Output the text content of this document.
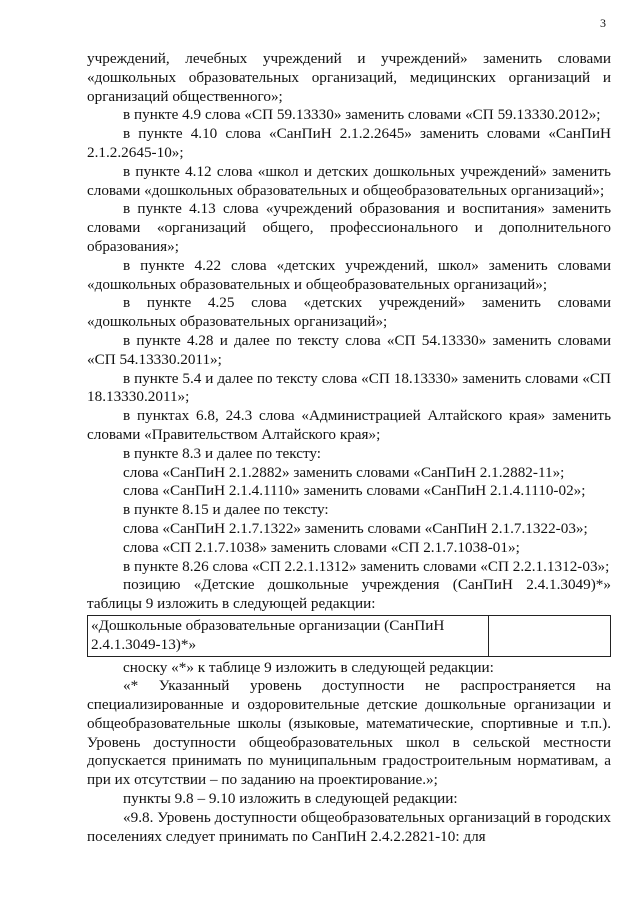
3

учреждений, лечебных учреждений и учреждений» заменить словами «дошкольных образовательных организаций, медицинских организаций и организаций общественного»;

в пункте 4.9 слова «СП 59.13330» заменить словами «СП 59.13330.2012»;

в пункте 4.10 слова «СанПиН 2.1.2.2645» заменить словами «СанПиН 2.1.2.2645-10»;

в пункте 4.12 слова «школ и детских дошкольных учреждений» заменить словами «дошкольных образовательных и общеобразовательных организаций»;

в пункте 4.13 слова «учреждений образования и воспитания» заменить словами «организаций общего, профессионального и дополнительного образования»;

в пункте 4.22 слова «детских учреждений, школ» заменить словами «дошкольных образовательных и общеобразовательных организаций»;

в пункте 4.25 слова «детских учреждений» заменить словами «дошкольных образовательных организаций»;

в пункте 4.28 и далее по тексту слова «СП 54.13330» заменить словами «СП 54.13330.2011»;

в пункте 5.4 и далее по тексту слова «СП 18.13330» заменить словами «СП 18.13330.2011»;

в пунктах 6.8, 24.3 слова «Администрацией Алтайского края» заменить словами «Правительством Алтайского края»;

в пункте 8.3 и далее по тексту:

слова «СанПиН 2.1.2882» заменить словами «СанПиН 2.1.2882-11»;

слова «СанПиН 2.1.4.1110» заменить словами «СанПиН 2.1.4.1110-02»;

в пункте 8.15 и далее по тексту:

слова «СанПиН 2.1.7.1322» заменить словами «СанПиН 2.1.7.1322-03»;

слова «СП 2.1.7.1038» заменить словами «СП 2.1.7.1038-01»;

в пункте 8.26 слова «СП 2.2.1.1312» заменить словами «СП 2.2.1.1312-03»;

позицию «Детские дошкольные учреждения (СанПиН 2.4.1.3049)*» таблицы 9 изложить в следующей редакции:

«Дошкольные образовательные организации (СанПиН 2.4.1.3049-13)*»	

сноску «*» к таблице 9 изложить в следующей редакции:

«* Указанный уровень доступности не распространяется на специализированные и оздоровительные детские дошкольные организации и общеобразовательные школы (языковые, математические, спортивные и т.п.). Уровень доступности общеобразовательных школ в сельской местности допускается принимать по муниципальным градостроительным нормативам, а при их отсутствии – по заданию на проектирование.»;

пункты 9.8 – 9.10 изложить в следующей редакции:

«9.8. Уровень доступности общеобразовательных организаций в городских поселениях следует принимать по СанПиН 2.4.2.2821-10: для
